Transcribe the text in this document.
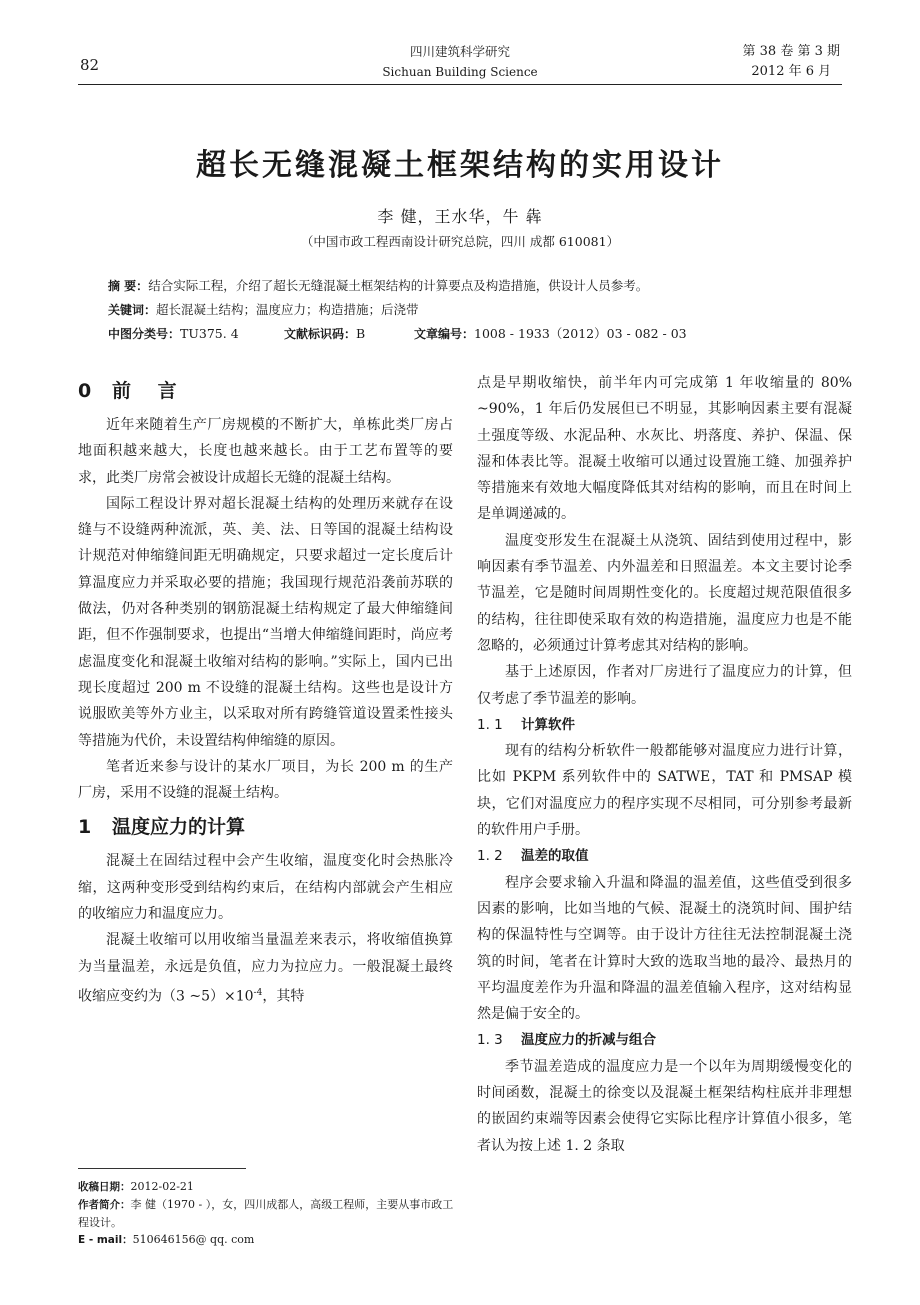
82
四川建筑科学研究
Sichuan Building Science
第 38 卷 第 3 期
2012 年 6 月
超长无缝混凝土框架结构的实用设计
李 健，王水华，牛 犇
（中国市政工程西南设计研究总院，四川 成都 610081）
摘 要：结合实际工程，介绍了超长无缝混凝土框架结构的计算要点及构造措施，供设计人员参考。
关键词：超长混凝土结构；温度应力；构造措施；后浇带
中图分类号：TU375. 4	文献标识码：B	文章编号：1008 - 1933（2012）03 - 082 - 03
0 前 言

近年来随着生产厂房规模的不断扩大，单栋此类厂房占地面积越来越大，长度也越来越长。由于工艺布置等的要求，此类厂房常会被设计成超长无缝的混凝土结构。

国际工程设计界对超长混凝土结构的处理历来就存在设缝与不设缝两种流派，英、美、法、日等国的混凝土结构设计规范对伸缩缝间距无明确规定，只要求超过一定长度后计算温度应力并采取必要的措施；我国现行规范沿袭前苏联的做法，仍对各种类别的钢筋混凝土结构规定了最大伸缩缝间距，但不作强制要求，也提出“当增大伸缩缝间距时，尚应考虑温度变化和混凝土收缩对结构的影响。”实际上，国内已出现长度超过 200 m 不设缝的混凝土结构。这些也是设计方说服欧美等外方业主，以采取对所有跨缝管道设置柔性接头等措施为代价，未设置结构伸缩缝的原因。

笔者近来参与设计的某水厂项目，为长 200 m 的生产厂房，采用不设缝的混凝土结构。

1 温度应力的计算

混凝土在固结过程中会产生收缩，温度变化时会热胀冷缩，这两种变形受到结构约束后，在结构内部就会产生相应的收缩应力和温度应力。

混凝土收缩可以用收缩当量温差来表示，将收缩值换算为当量温差，永远是负值，应力为拉应力。一般混凝土最终收缩应变约为（3 $\sim 5)\times 10^{-4}$，其特

点是早期收缩快，前半年内可完成第 1 年收缩量的 80% ~90%，1 年后仍发展但已不明显，其影响因素主要有混凝土强度等级、水泥品种、水灰比、坍落度、养护、保温、保湿和体表比等。混凝土收缩可以通过设置施工缝、加强养护等措施来有效地大幅度降低其对结构的影响，而且在时间上是单调递减的。

温度变形发生在混凝土从浇筑、固结到使用过程中，影响因素有季节温差、内外温差和日照温差。本文主要讨论季节温差，它是随时间周期性变化的。长度超过规范限值很多的结构，往往即使采取有效的构造措施，温度应力也是不能忽略的，必须通过计算考虑其对结构的影响。

基于上述原因，作者对厂房进行了温度应力的计算，但仅考虑了季节温差的影响。

1. 1 计算软件

现有的结构分析软件一般都能够对温度应力进行计算，比如 PKPM 系列软件中的 SATWE，TAT 和 PMSAP 模块，它们对温度应力的程序实现不尽相同，可分别参考最新的软件用户手册。

1. 2 温差的取值

程序会要求输入升温和降温的温差值，这些值受到很多因素的影响，比如当地的气候、混凝土的浇筑时间、围护结构的保温特性与空调等。由于设计方往往无法控制混凝土浇筑的时间，笔者在计算时大致的选取当地的最冷、最热月的平均温度差作为升温和降温的温差值输入程序，这对结构显然是偏于安全的。

1. 3 温度应力的折减与组合

季节温差造成的温度应力是一个以年为周期缓慢变化的时间函数，混凝土的徐变以及混凝土框架结构柱底并非理想的嵌固约束端等因素会使得它实际比程序计算值小很多，笔者认为按上述 1. 2 条取

收稿日期：2012-02-21
作者简介：李 健（1970 - ），女，四川成都人，高级工程师，主要从事市政工程设计。
E - mail：510646156@ qq. com
